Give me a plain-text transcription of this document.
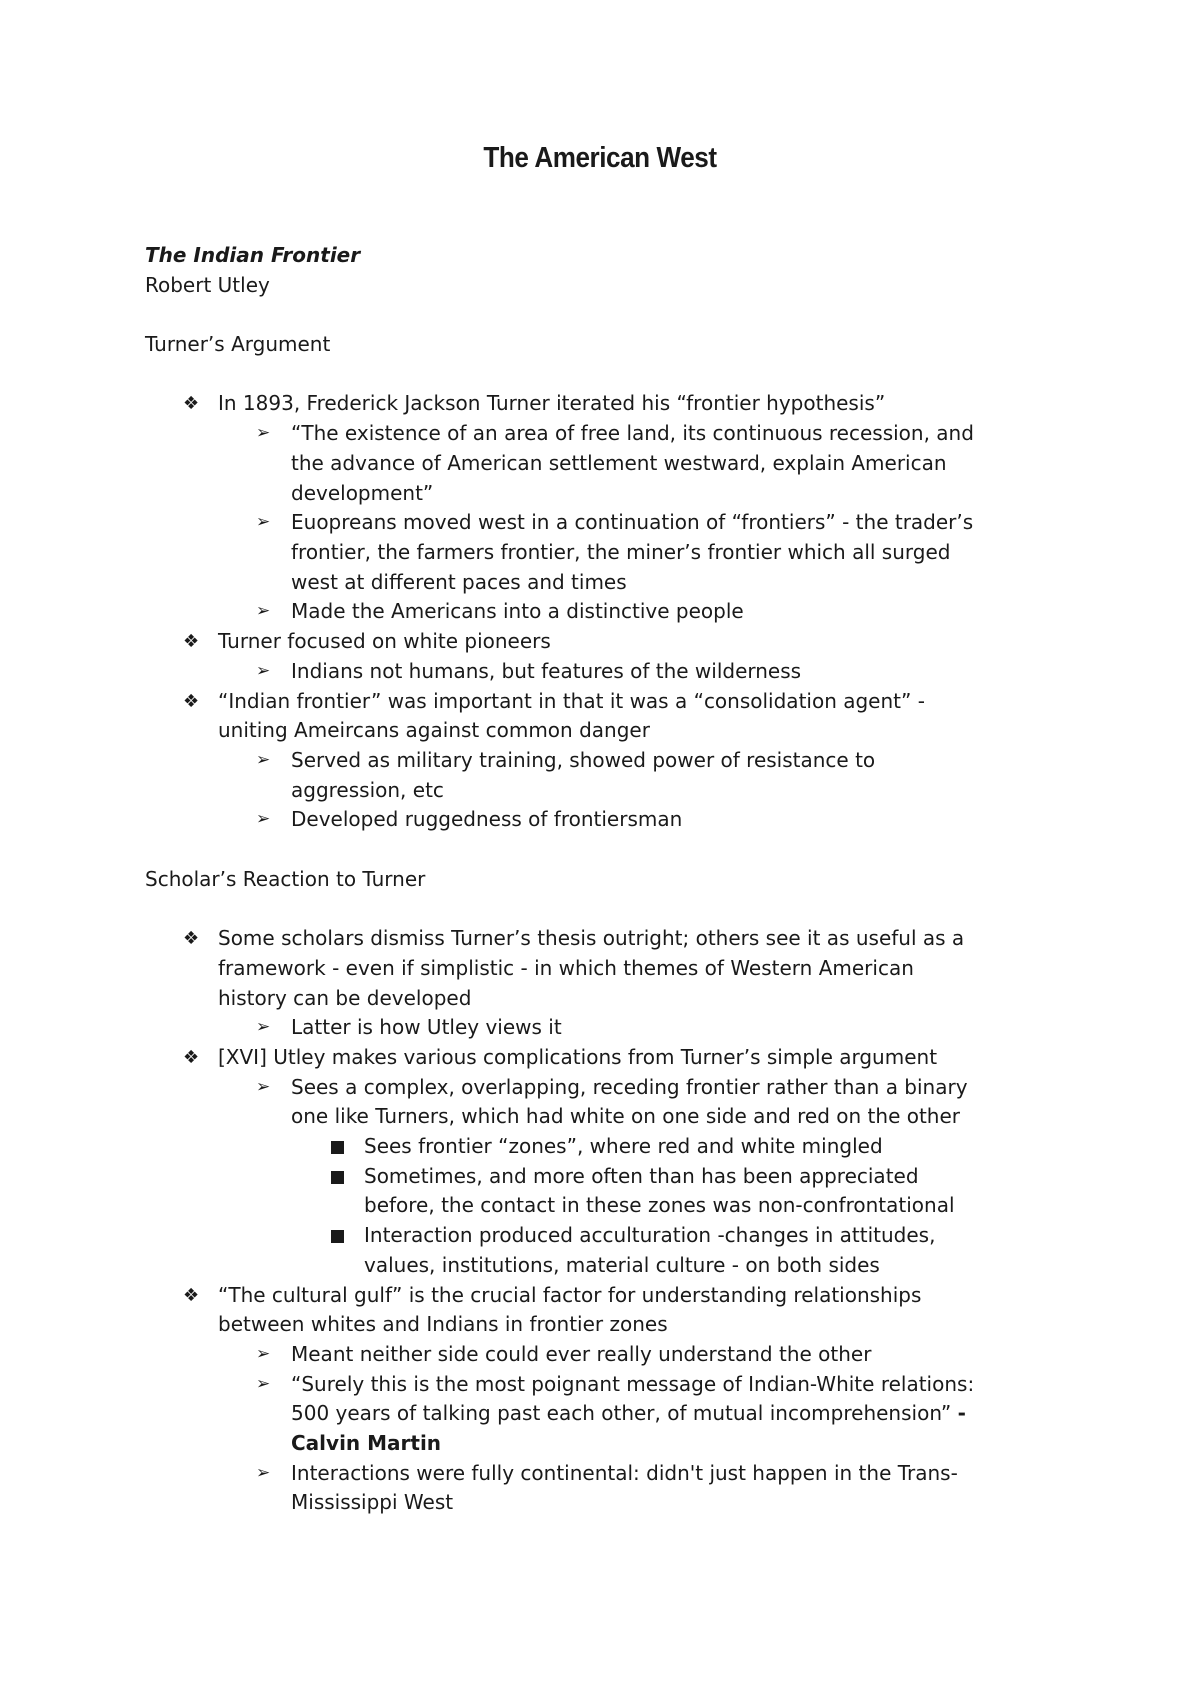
The American West
The Indian Frontier
Robert Utley
Turner’s Argument
❖ In 1893, Frederick Jackson Turner iterated his “frontier hypothesis”
➢ “The existence of an area of free land, its continuous recession, and
the advance of American settlement westward, explain American
development”
➢ Euopreans moved west in a continuation of “frontiers” - the trader’s
frontier, the farmers frontier, the miner’s frontier which all surged
west at different paces and times
➢ Made the Americans into a distinctive people
❖ Turner focused on white pioneers
➢ Indians not humans, but features of the wilderness
❖ “Indian frontier” was important in that it was a “consolidation agent” -
uniting Ameircans against common danger
➢ Served as military training, showed power of resistance to
aggression, etc
➢ Developed ruggedness of frontiersman
Scholar’s Reaction to Turner
❖ Some scholars dismiss Turner’s thesis outright; others see it as useful as a
framework - even if simplistic - in which themes of Western American
history can be developed
➢ Latter is how Utley views it
❖ [XVI] Utley makes various complications from Turner’s simple argument
➢ Sees a complex, overlapping, receding frontier rather than a binary
one like Turners, which had white on one side and red on the other
Sees frontier “zones”, where red and white mingled
Sometimes, and more often than has been appreciated
before, the contact in these zones was non-confrontational
Interaction produced acculturation -changes in attitudes,
values, institutions, material culture - on both sides
❖ “The cultural gulf” is the crucial factor for understanding relationships
between whites and Indians in frontier zones
➢ Meant neither side could ever really understand the other
➢ “Surely this is the most poignant message of Indian-White relations:
500 years of talking past each other, of mutual incomprehension” -
Calvin Martin
➢ Interactions were fully continental: didn't just happen in the Trans-
Mississippi West
